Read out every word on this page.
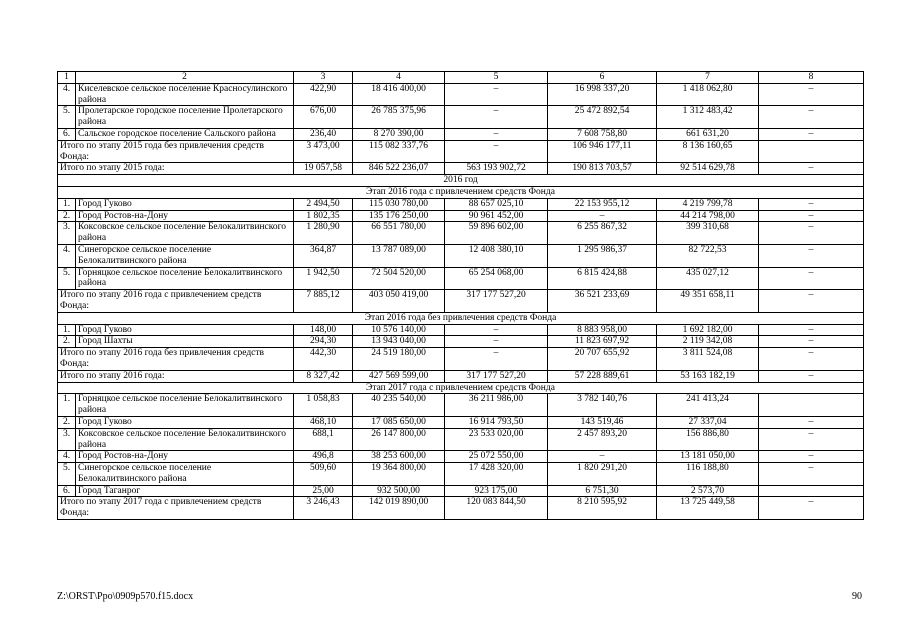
1	2	3	4	5	6	7	8
4.	Киселевское сельское поселение Красносулинского района	422,90	18 416 400,00	–	16 998 337,20	1 418 062,80	–
5.	Пролетарское городское поселение Пролетарского района	676,00	26 785 375,96	–	25 472 892,54	1 312 483,42	–
6.	Сальское городское поселение Сальского района	236,40	8 270 390,00	–	7 608 758,80	661 631,20	–
Итого по этапу 2015 года без привлечения средств Фонда:		3 473,00	115 082 337,76	–	106 946 177,11	8 136 160,65	
Итого по этапу 2015 года:		19 057,58	846 522 236,07	563 193 902,72	190 813 703,57	92 514 629,78	–
2016 год							
Этап 2016 года с привлечением средств Фонда							
1.	Город Гуково	2 494,50	115 030 780,00	88 657 025,10	22 153 955,12	4 219 799,78	–
2.	Город Ростов-на-Дону	1 802,35	135 176 250,00	90 961 452,00	–	44 214 798,00	–
3.	Коксовское сельское поселение Белокалитвинского района	1 280,90	66 551 780,00	59 896 602,00	6 255 867,32	399 310,68	–
4.	Синегорское сельское поселение Белокалитвинского района	364,87	13 787 089,00	12 408 380,10	1 295 986,37	82 722,53	–
5.	Горняцкое сельское поселение Белокалитвинского района	1 942,50	72 504 520,00	65 254 068,00	6 815 424,88	435 027,12	–
Итого по этапу 2016 года с привлечением средств Фонда:		7 885,12	403 050 419,00	317 177 527,20	36 521 233,69	49 351 658,11	–
Этап 2016 года без привлечения средств Фонда							
1.	Город Гуково	148,00	10 576 140,00	–	8 883 958,00	1 692 182,00	–
2.	Город Шахты	294,30	13 943 040,00	–	11 823 697,92	2 119 342,08	–
Итого по этапу 2016 года без привлечения средств Фонда:		442,30	24 519 180,00	–	20 707 655,92	3 811 524,08	–
Итого по этапу 2016 года:		8 327,42	427 569 599,00	317 177 527,20	57 228 889,61	53 163 182,19	–
Этап 2017 года с привлечением средств Фонда							
1.	Горняцкое сельское поселение Белокалитвинского района	1 058,83	40 235 540,00	36 211 986,00	3 782 140,76	241 413,24	
2.	Город Гуково	468,10	17 085 650,00	16 914 793,50	143 519,46	27 337,04	–
3.	Коксовское сельское поселение Белокалитвинского района	688,1	26 147 800,00	23 533 020,00	2 457 893,20	156 886,80	–
4.	Город Ростов-на-Дону	496,8	38 253 600,00	25 072 550,00	–	13 181 050,00	–
5.	Синегорское сельское поселение Белокалитвинского района	509,60	19 364 800,00	17 428 320,00	1 820 291,20	116 188,80	–
6.	Город Таганрог	25,00	932 500,00	923 175,00	6 751,30	2 573,70	
Итого по этапу 2017 года с привлечением средств Фонда:		3 246,43	142 019 890,00	120 083 844,50	8 210 595,92	13 725 449,58	–
Z:\ORST\Ppo\0909p570.f15.docx	90
